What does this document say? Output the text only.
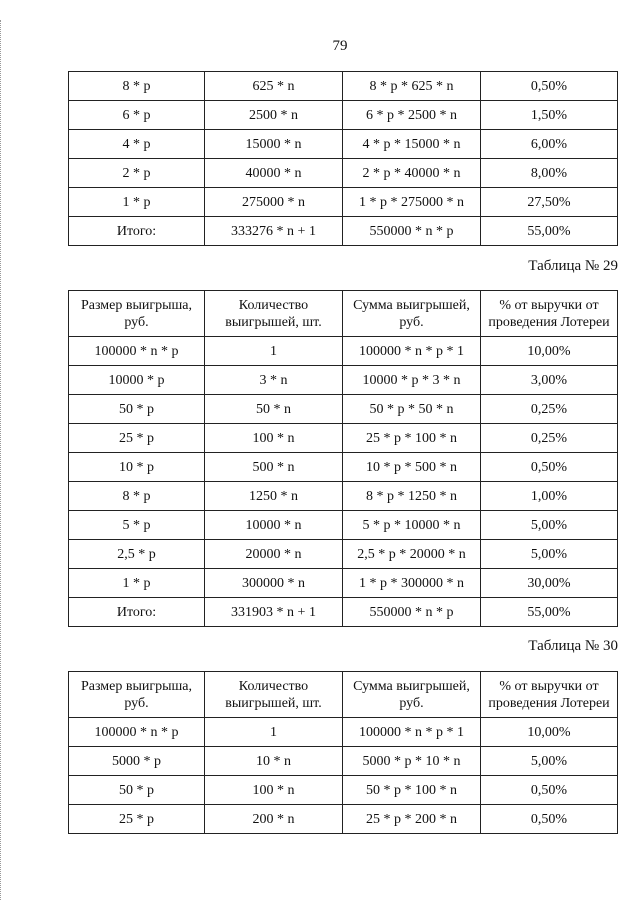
79
8 * р	625 * n	8 * р * 625 * n	0,50%
6 * р	2500 * n	6 * р * 2500 * n	1,50%
4 * р	15000 * n	4 * р * 15000 * n	6,00%
2 * р	40000 * n	2 * р * 40000 * n	8,00%
1 * р	275000 * n	1 * р * 275000 * n	27,50%
Итого:	333276 * n + 1	550000 * n * р	55,00%
Таблица № 29
Размер выигрыша, руб.	Количество выигрышей, шт.	Сумма выигрышей, руб.	% от выручки от проведения Лотереи
100000 * n * р	1	100000 * n * р * 1	10,00%
10000 * р	3 * n	10000 * р * 3 * n	3,00%
50 * р	50 * n	50 * р * 50 * n	0,25%
25 * р	100 * n	25 * р * 100 * n	0,25%
10 * р	500 * n	10 * р * 500 * n	0,50%
8 * р	1250 * n	8 * р * 1250 * n	1,00%
5 * р	10000 * n	5 * р * 10000 * n	5,00%
2,5 * р	20000 * n	2,5 * р * 20000 * n	5,00%
1 * р	300000 * n	1 * р * 300000 * n	30,00%
Итого:	331903 * n + 1	550000 * n * р	55,00%
Таблица № 30
Размер выигрыша, руб.	Количество выигрышей, шт.	Сумма выигрышей, руб.	% от выручки от проведения Лотереи
100000 * n * р	1	100000 * n * р * 1	10,00%
5000 * р	10 * n	5000 * р * 10 * n	5,00%
50 * р	100 * n	50 * р * 100 * n	0,50%
25 * р	200 * n	25 * р * 200 * n	0,50%
